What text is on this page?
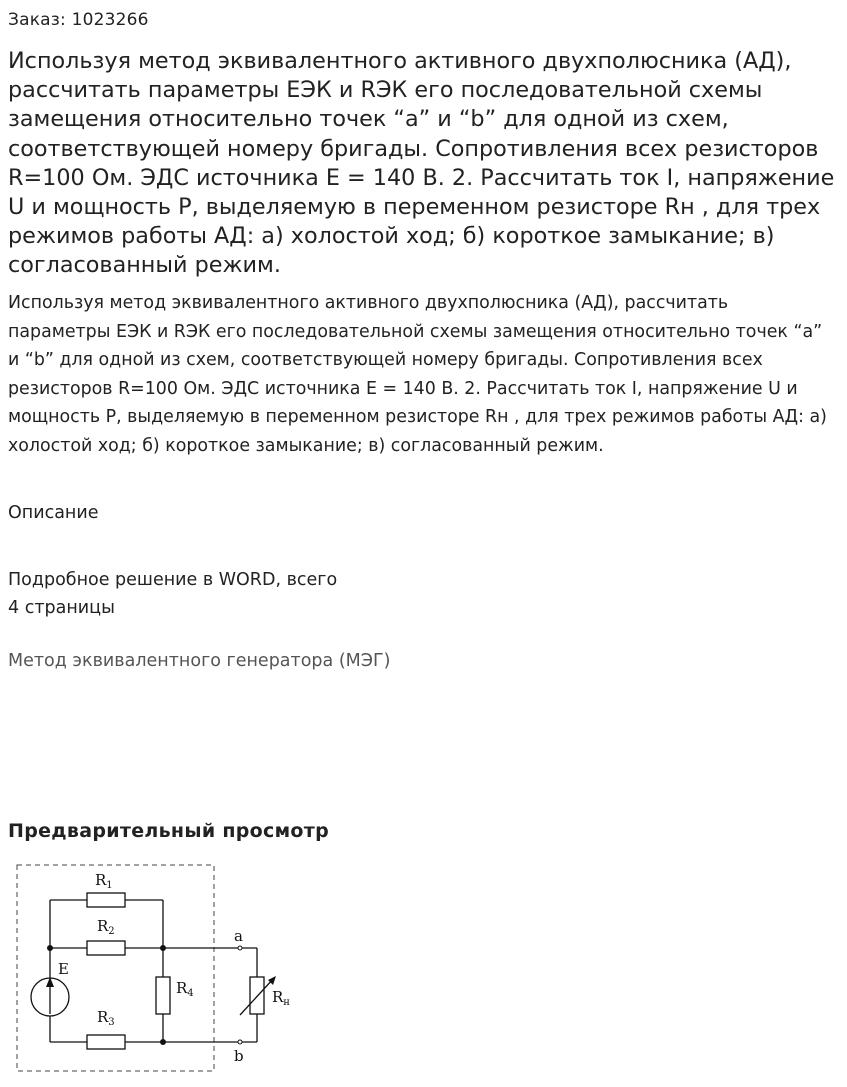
Заказ: 1023266
Используя метод эквивалентного активного двухполюсника (АД), рассчитать параметры ЕЭК и RЭК его последовательной схемы замещения относительно точек “a” и “b” для одной из схем, соответствующей номеру бригады. Сопротивления всех резисторов R=100 Ом. ЭДС источника Е = 140 В. 2. Рассчитать ток I, напряжение U и мощность Р, выделяемую в переменном резисторе Rн , для трех режимов работы АД: а) холостой ход; б) короткое замыкание; в) согласованный режим.

Используя метод эквивалентного активного двухполюсника (АД), рассчитать параметры ЕЭК и RЭК его последовательной схемы замещения относительно точек “a” и “b” для одной из схем, соответствующей номеру бригады. Сопротивления всех резисторов R=100 Ом. ЭДС источника Е = 140 В. 2. Рассчитать ток I, напряжение U и мощность Р, выделяемую в переменном резисторе Rн , для трех режимов работы АД: а) холостой ход; б) короткое замыкание; в) согласованный режим.

Описание

Подробное решение в WORD, всего
4 страницы

Метод эквивалентного генератора (МЭГ)
Предварительный просмотр
R1
R2
R3
R4	Rн
E
a
b
